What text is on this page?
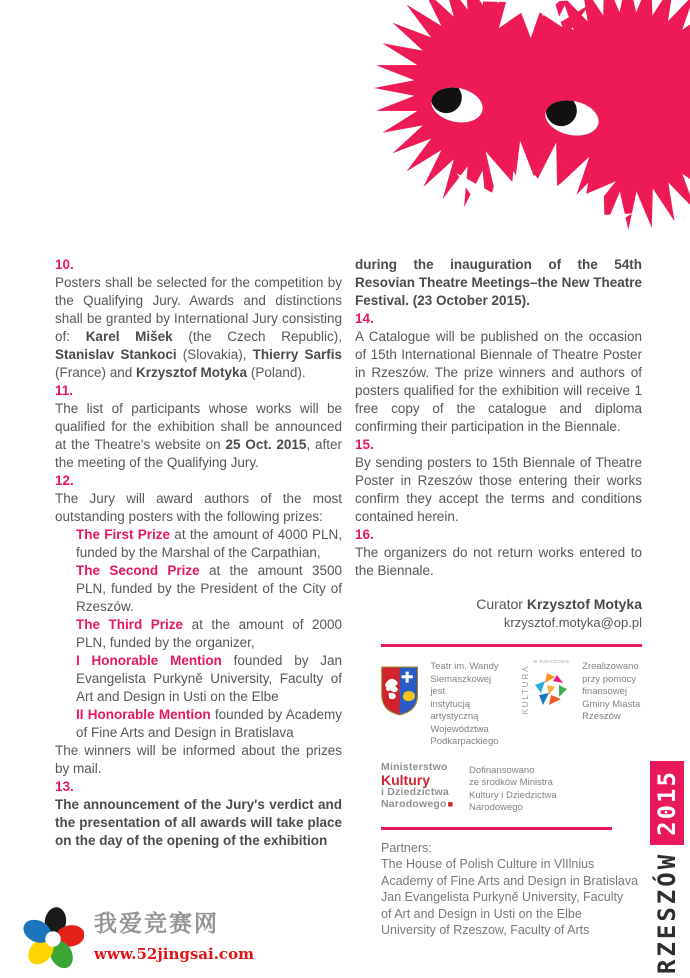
10.

Posters shall be selected for the competition by the Qualifying Jury. Awards and distinctions shall be granted by International Jury consisting of: Karel Mišek (the Czech Republic), Stanislav Stankoci (Slovakia), Thierry Sarfis (France) and Krzysztof Motyka (Poland).

11.

The list of participants whose works will be qualified for the exhibition shall be announced at the Theatre's website on 25 Oct. 2015, after the meeting of the Qualifying Jury.

12.

The Jury will award authors of the most outstanding posters with the following prizes:

The First Prize at the amount of 4000 PLN, funded by the Marshal of the Carpathian,

The Second Prize at the amount 3500 PLN, funded by the President of the City of Rzeszów.

The Third Prize at the amount of 2000 PLN, funded by the organizer,

I Honorable Mention founded by Jan Evangelista Purkyně University, Faculty of Art and Design in Usti on the Elbe

II Honorable Mention founded by Academy of Fine Arts and Design in Bratislava

The winners will be informed about the prizes by mail.

13.

The announcement of the Jury's verdict and the presentation of all awards will take place on the day of the opening of the exhibition

during the inauguration of the 54th Resovian Theatre Meetings–the New Theatre Festival. (23 October 2015).

14.

A Catalogue will be published on the occasion of 15th International Biennale of Theatre Poster in Rzeszów. The prize winners and authors of posters qualified for the exhibition will receive 1 free copy of the catalogue and diploma confirming their participation in the Biennale.

15.

By sending posters to 15th Biennale of Theatre Poster in Rzeszów those entering their works confirm they accept the terms and conditions contained herein.

16.

The organizers do not return works entered to the Biennale.

Curator Krzysztof Motyka
krzysztof.motyka@op.pl
Teatr im. Wandy
Siemaszkowej jest
instytucją artystyczną
Województwa
Podkarpackiego
W RZESZOWIE
KULTURA	Zrealizowano
przy pomocy
finansowej
Gminy Miasta
Rzeszów
Ministerstwo
Kultury
i Dziedzictwa
Narodowego■
Dofinansowano
ze środków Ministra
Kultury i Dziedzictwa
Narodowego
Partners:
The House of Polish Culture in VlIlnius
Academy of Fine Arts and Design in Bratislava
Jan Evangelista Purkyně University, Faculty
of Art and Design in Usti on the Elbe
University of Rzeszow, Faculty of Arts	RZESZÓW
2015
我爱竞赛网
www.52jingsai.com
